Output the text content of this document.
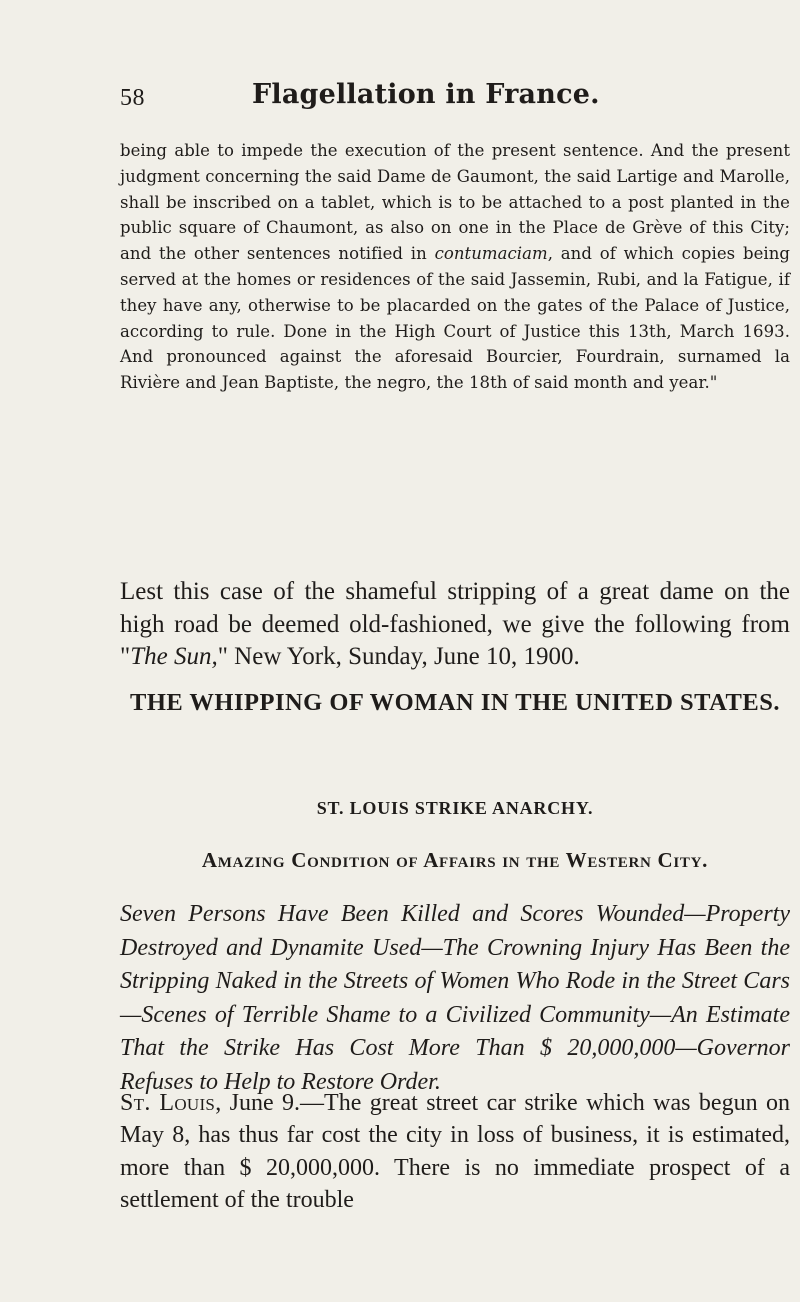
58	Flagellation in France.

being able to impede the execution of the present sentence. And the present judgment concerning the said Dame de Gaumont, the said Lartige and Marolle, shall be inscribed on a tablet, which is to be attached to a post planted in the public square of Chaumont, as also on one in the Place de Grève of this City; and the other sentences notified in contumaciam, and of which copies being served at the homes or residences of the said Jassemin, Rubi, and la Fatigue, if they have any, otherwise to be placarded on the gates of the Palace of Justice, according to rule. Done in the High Court of Justice this 13th, March 1693. And pronounced against the aforesaid Bourcier, Fourdrain, surnamed la Rivière and Jean Baptiste, the negro, the 18th of said month and year."

Lest this case of the shameful stripping of a great dame on the high road be deemed old-fashioned, we give the following from "The Sun," New York, Sunday, June 10, 1900.

THE WHIPPING OF WOMAN IN THE UNITED STATES.
ST. LOUIS STRIKE ANARCHY.
Amazing Condition of Affairs in the Western City.

Seven Persons Have Been Killed and Scores Wounded—Property Destroyed and Dynamite Used—The Crowning Injury Has Been the Stripping Naked in the Streets of Women Who Rode in the Street Cars—Scenes of Terrible Shame to a Civilized Community—An Estimate That the Strike Has Cost More Than $ 20,000,000—Governor Refuses to Help to Restore Order.

St. Louis, June 9.—The great street car strike which was begun on May 8, has thus far cost the city in loss of business, it is estimated, more than $ 20,000,000. There is no immediate prospect of a settlement of the trouble
